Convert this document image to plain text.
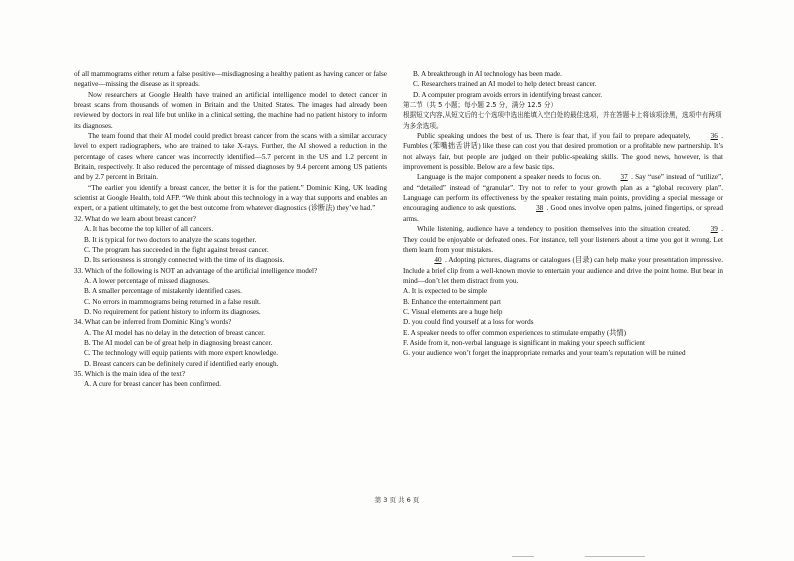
of all mammograms either return a false positive—misdiagnosing a healthy patient as having cancer or false negative—missing the disease as it spreads.

Now researchers at Google Health have trained an artificial intelligence model to detect cancer in breast scans from thousands of women in Britain and the United States. The images had already been reviewed by doctors in real life but unlike in a clinical setting, the machine had no patient history to inform its diagnoses.

The team found that their AI model could predict breast cancer from the scans with a similar accuracy level to expert radiographers, who are trained to take X-rays. Further, the AI showed a reduction in the percentage of cases where cancer was incorrectly identified—5.7 percent in the US and 1.2 percent in Britain, respectively. It also reduced the percentage of missed diagnoses by 9.4 percent among US patients and by 2.7 percent in Britain.

“The earlier you identify a breast cancer, the better it is for the patient.” Dominic King, UK leading scientist at Google Health, told AFP. “We think about this technology in a way that supports and enables an expert, or a patient ultimately, to get the best outcome from whatever diagnostics (诊断法) they’ve had.”

32. What do we learn about breast cancer?

A. It has become the top killer of all cancers.

B. It is typical for two doctors to analyze the scans together.

C. The program has succeeded in the fight against breast cancer.

D. Its seriousness is strongly connected with the time of its diagnosis.

33. Which of the following is NOT an advantage of the artificial intelligence model?

A. A lower percentage of missed diagnoses.

B. A smaller percentage of mistakenly identified cases.

C. No errors in mammograms being returned in a false result.

D. No requirement for patient history to inform its diagnoses.

34. What can be inferred from Dominic King’s words?

A. The AI model has no delay in the detection of breast cancer.

B. The AI model can be of great help in diagnosing breast cancer.

C. The technology will equip patients with more expert knowledge.

D. Breast cancers can be definitely cured if identified early enough.

35. Which is the main idea of the text?

A. A cure for breast cancer has been confirmed.

B. A breakthrough in AI technology has been made.

C. Researchers trained an AI model to help detect breast cancer.

D. A computer program avoids errors in identifying breast cancer.

第二节（共 5 小题；每小题 2.5 分，满分 12.5 分）

根据短文内容,从短文后的七个选项中选出能填入空白处的最佳选项，并在答题卡上将该项涂黑，选项中有两项为多余选项。

Public speaking undoes the best of us. There is fear that, if you fail to prepare adequately,	36 . Fumbles (笨嘴拙舌讲话) like these can cost you that desired promotion or a profitable new partnership. It’s not always fair, but people are judged on their public-speaking skills. The good news, however, is that improvement is possible. Below are a few basic tips.

Language is the major component a speaker needs to focus on.	37 . Say “use” instead of “utilize”, and “detailed” instead of “granular”. Try not to refer to your growth plan as a “global recovery plan”. Language can perform its effectiveness by the speaker restating main points, providing a special message or encouraging audience to ask questions.	38 . Good ones involve open palms, joined fingertips, or spread arms.

While listening, audience have a tendency to position themselves into the situation created.	39 . They could be enjoyable or defeated ones. For instance, tell your listeners about a time you got it wrong. Let them learn from your mistakes.

40 . Adopting pictures, diagrams or catalogues (目录) can help make your presentation impressive. Include a brief clip from a well-known movie to entertain your audience and drive the point home. But bear in mind—don’t let them distract from you.

A. It is expected to be simple

B. Enhance the entertainment part

C. Visual elements are a huge help

D. you could find yourself at a loss for words

E. A speaker needs to offer common experiences to stimulate empathy (共情)

F. Aside from it, non-verbal language is significant in making your speech sufficient

G. your audience won’t forget the inappropriate remarks and your team’s reputation will be ruined

第 3 页 共 6 页
